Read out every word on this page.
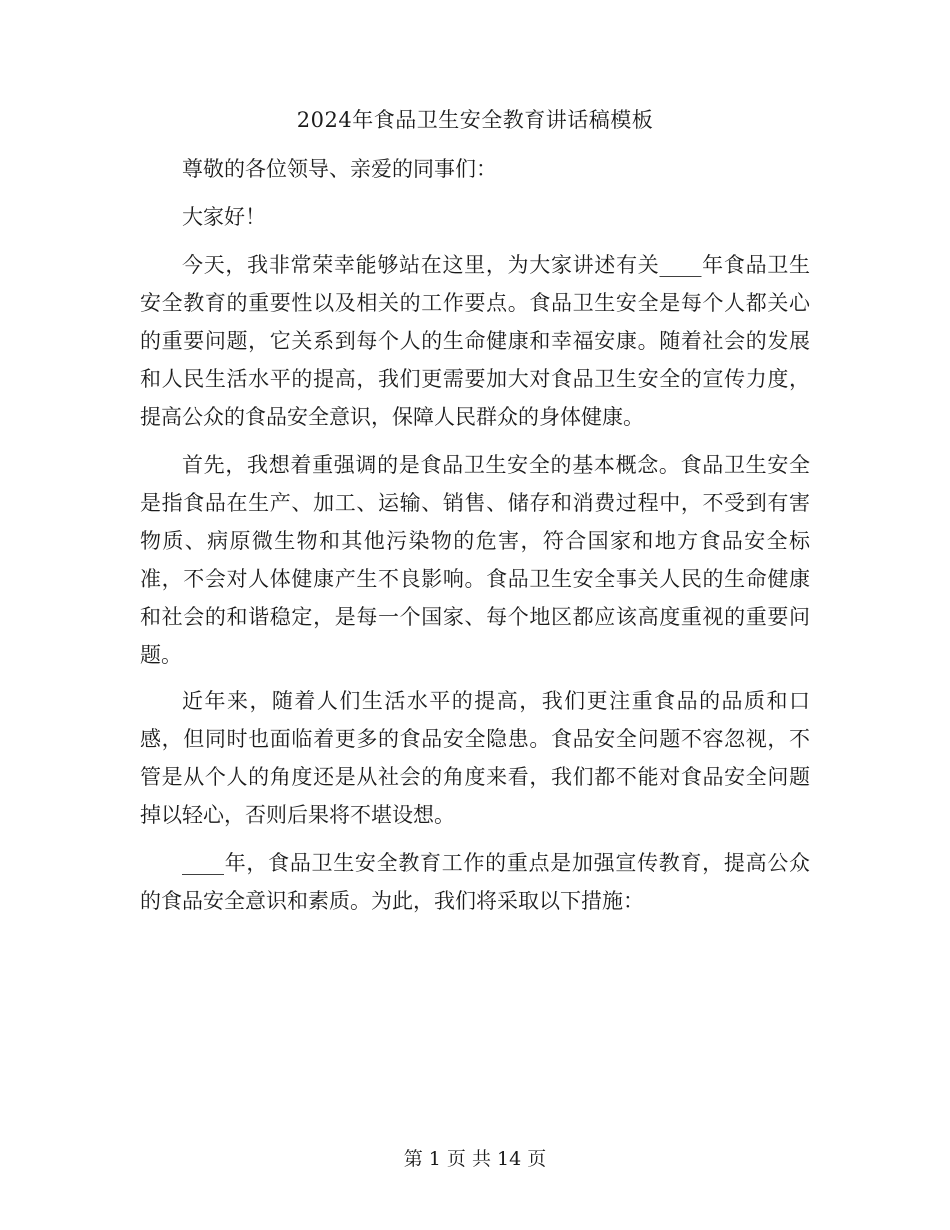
2024年食品卫生安全教育讲话稿模板

尊敬的各位领导、亲爱的同事们：

大家好！

今天，我非常荣幸能够站在这里，为大家讲述有关____年食品卫生安全教育的重要性以及相关的工作要点。食品卫生安全是每个人都关心的重要问题，它关系到每个人的生命健康和幸福安康。随着社会的发展和人民生活水平的提高，我们更需要加大对食品卫生安全的宣传力度，提高公众的食品安全意识，保障人民群众的身体健康。

首先，我想着重强调的是食品卫生安全的基本概念。食品卫生安全是指食品在生产、加工、运输、销售、储存和消费过程中，不受到有害物质、病原微生物和其他污染物的危害，符合国家和地方食品安全标准，不会对人体健康产生不良影响。食品卫生安全事关人民的生命健康和社会的和谐稳定，是每一个国家、每个地区都应该高度重视的重要问题。

近年来，随着人们生活水平的提高，我们更注重食品的品质和口感，但同时也面临着更多的食品安全隐患。食品安全问题不容忽视，不管是从个人的角度还是从社会的角度来看，我们都不能对食品安全问题掉以轻心，否则后果将不堪设想。

____年，食品卫生安全教育工作的重点是加强宣传教育，提高公众的食品安全意识和素质。为此，我们将采取以下措施：

第 1 页 共 14 页
